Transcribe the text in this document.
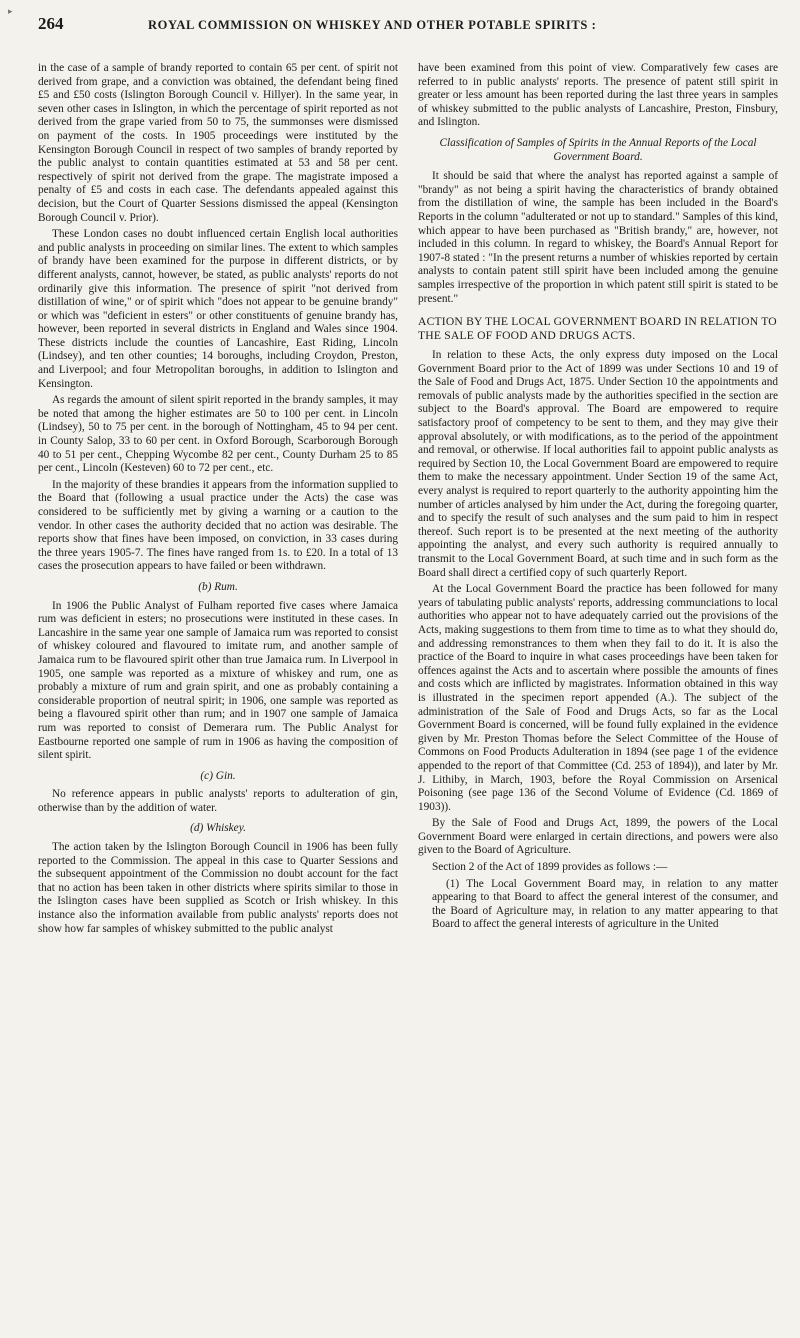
▸
264	ROYAL COMMISSION ON WHISKEY AND OTHER POTABLE SPIRITS :

in the case of a sample of brandy reported to contain 65 per cent. of spirit not derived from grape, and a conviction was obtained, the defendant being fined £5 and £50 costs (Islington Borough Council v. Hillyer). In the same year, in seven other cases in Islington, in which the percentage of spirit reported as not derived from the grape varied from 50 to 75, the summonses were dismissed on payment of the costs. In 1905 proceedings were instituted by the Kensington Borough Council in respect of two samples of brandy reported by the public analyst to contain quantities estimated at 53 and 58 per cent. respectively of spirit not derived from the grape. The magistrate imposed a penalty of £5 and costs in each case. The defendants appealed against this decision, but the Court of Quarter Sessions dismissed the appeal (Kensington Borough Council v. Prior).

These London cases no doubt influenced certain English local authorities and public analysts in proceeding on similar lines. The extent to which samples of brandy have been examined for the purpose in different districts, or by different analysts, cannot, however, be stated, as public analysts' reports do not ordinarily give this information. The presence of spirit "not derived from distillation of wine," or of spirit which "does not appear to be genuine brandy" or which was "deficient in esters" or other constituents of genuine brandy has, however, been reported in several districts in England and Wales since 1904. These districts include the counties of Lancashire, East Riding, Lincoln (Lindsey), and ten other counties; 14 boroughs, including Croydon, Preston, and Liverpool; and four Metropolitan boroughs, in addition to Islington and Kensington.

As regards the amount of silent spirit reported in the brandy samples, it may be noted that among the higher estimates are 50 to 100 per cent. in Lincoln (Lindsey), 50 to 75 per cent. in the borough of Nottingham, 45 to 94 per cent. in County Salop, 33 to 60 per cent. in Oxford Borough, Scarborough Borough 40 to 51 per cent., Chepping Wycombe 82 per cent., County Durham 25 to 85 per cent., Lincoln (Kesteven) 60 to 72 per cent., etc.

In the majority of these brandies it appears from the information supplied to the Board that (following a usual practice under the Acts) the case was considered to be sufficiently met by giving a warning or a caution to the vendor. In other cases the authority decided that no action was desirable. The reports show that fines have been imposed, on conviction, in 33 cases during the three years 1905-7. The fines have ranged from 1s. to £20. In a total of 13 cases the prosecution appears to have failed or been withdrawn.

(b) Rum.

In 1906 the Public Analyst of Fulham reported five cases where Jamaica rum was deficient in esters; no prosecutions were instituted in these cases. In Lancashire in the same year one sample of Jamaica rum was reported to consist of whiskey coloured and flavoured to imitate rum, and another sample of Jamaica rum to be flavoured spirit other than true Jamaica rum. In Liverpool in 1905, one sample was reported as a mixture of whiskey and rum, one as probably a mixture of rum and grain spirit, and one as probably containing a considerable proportion of neutral spirit; in 1906, one sample was reported as being a flavoured spirit other than rum; and in 1907 one sample of Jamaica rum was reported to consist of Demerara rum. The Public Analyst for Eastbourne reported one sample of rum in 1906 as having the composition of silent spirit.

(c) Gin.

No reference appears in public analysts' reports to adulteration of gin, otherwise than by the addition of water.

(d) Whiskey.

The action taken by the Islington Borough Council in 1906 has been fully reported to the Commission. The appeal in this case to Quarter Sessions and the subsequent appointment of the Commission no doubt account for the fact that no action has been taken in other districts where spirits similar to those in the Islington cases have been supplied as Scotch or Irish whiskey. In this instance also the information available from public analysts' reports does not show how far samples of whiskey submitted to the public analyst

have been examined from this point of view. Comparatively few cases are referred to in public analysts' reports. The presence of patent still spirit in greater or less amount has been reported during the last three years in samples of whiskey submitted to the public analysts of Lancashire, Preston, Finsbury, and Islington.

Classification of Samples of Spirits in the Annual Reports of the Local Government Board.

It should be said that where the analyst has reported against a sample of "brandy" as not being a spirit having the characteristics of brandy obtained from the distillation of wine, the sample has been included in the Board's Reports in the column "adulterated or not up to standard." Samples of this kind, which appear to have been purchased as "British brandy," are, however, not included in this column. In regard to whiskey, the Board's Annual Report for 1907-8 stated : "In the present returns a number of whiskies reported by certain analysts to contain patent still spirit have been included among the genuine samples irrespective of the proportion in which patent still spirit is stated to be present."

ACTION BY THE LOCAL GOVERNMENT BOARD IN RELATION TO THE SALE OF FOOD AND DRUGS ACTS.

In relation to these Acts, the only express duty imposed on the Local Government Board prior to the Act of 1899 was under Sections 10 and 19 of the Sale of Food and Drugs Act, 1875. Under Section 10 the appointments and removals of public analysts made by the authorities specified in the section are subject to the Board's approval. The Board are empowered to require satisfactory proof of competency to be sent to them, and they may give their approval absolutely, or with modifications, as to the period of the appointment and removal, or otherwise. If local authorities fail to appoint public analysts as required by Section 10, the Local Government Board are empowered to require them to make the necessary appointment. Under Section 19 of the same Act, every analyst is required to report quarterly to the authority appointing him the number of articles analysed by him under the Act, during the foregoing quarter, and to specify the result of such analyses and the sum paid to him in respect thereof. Such report is to be presented at the next meeting of the authority appointing the analyst, and every such authority is required annually to transmit to the Local Government Board, at such time and in such form as the Board shall direct a certified copy of such quarterly Report.

At the Local Government Board the practice has been followed for many years of tabulating public analysts' reports, addressing communciations to local authorities who appear not to have adequately carried out the provisions of the Acts, making suggestions to them from time to time as to what they should do, and addressing remonstrances to them when they fail to do it. It is also the practice of the Board to inquire in what cases proceedings have been taken for offences against the Acts and to ascertain where possible the amounts of fines and costs which are inflicted by magistrates. Information obtained in this way is illustrated in the specimen report appended (A.). The subject of the administration of the Sale of Food and Drugs Acts, so far as the Local Government Board is concerned, will be found fully explained in the evidence given by Mr. Preston Thomas before the Select Committee of the House of Commons on Food Products Adulteration in 1894 (see page 1 of the evidence appended to the report of that Committee (Cd. 253 of 1894)), and later by Mr. J. Lithiby, in March, 1903, before the Royal Commission on Arsenical Poisoning (see page 136 of the Second Volume of Evidence (Cd. 1869 of 1903)).

By the Sale of Food and Drugs Act, 1899, the powers of the Local Government Board were enlarged in certain directions, and powers were also given to the Board of Agriculture.

Section 2 of the Act of 1899 provides as follows :—

(1) The Local Government Board may, in relation to any matter appearing to that Board to affect the general interest of the consumer, and the Board of Agriculture may, in relation to any matter appearing to that Board to affect the general interests of agriculture in the United
